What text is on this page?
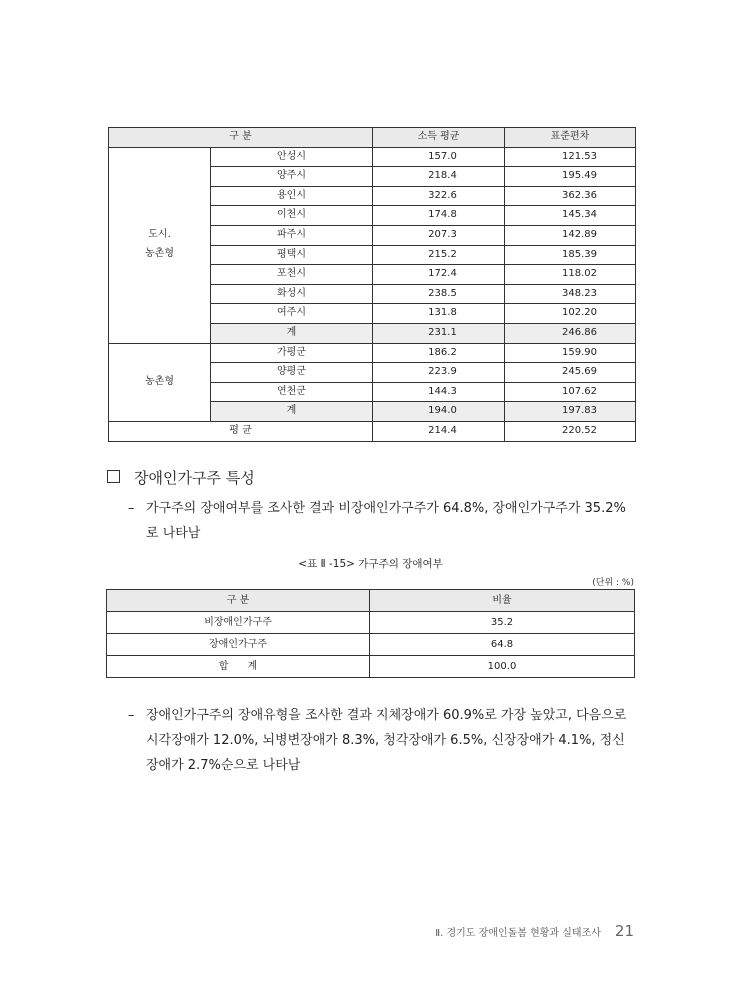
구 분		소득 평균	표준편차
도시.
농촌형	안성시	157.0	121.53
	양주시	218.4	195.49
	용인시	322.6	362.36
	이천시	174.8	145.34
	파주시	207.3	142.89
	평택시	215.2	185.39
	포천시	172.4	118.02
	화성시	238.5	348.23
	여주시	131.8	102.20
	계	231.1	246.86
농촌형	가평군	186.2	159.90
	양평군	223.9	245.69
	연천군	144.3	107.62
	계	194.0	197.83
평 균		214.4	220.52
장애인가구주 특성
– 가구주의 장애여부를 조사한 결과 비장애인가구주가 64.8%, 장애인가구주가 35.2%로 나타남
<표 Ⅱ -15> 가구주의 장애여부
(단위 : %)
구 분	비율
비장애인가구주	35.2
장애인가구주	64.8
합      계	100.0
– 장애인가구주의 장애유형을 조사한 결과 지체장애가 60.9%로 가장 높았고, 다음으로 시각장애가 12.0%, 뇌병변장애가 8.3%, 청각장애가 6.5%, 신장장애가 4.1%, 정신장애가 2.7%순으로 나타남
Ⅱ. 경기도 장애인돌봄 현황과 실태조사 21
